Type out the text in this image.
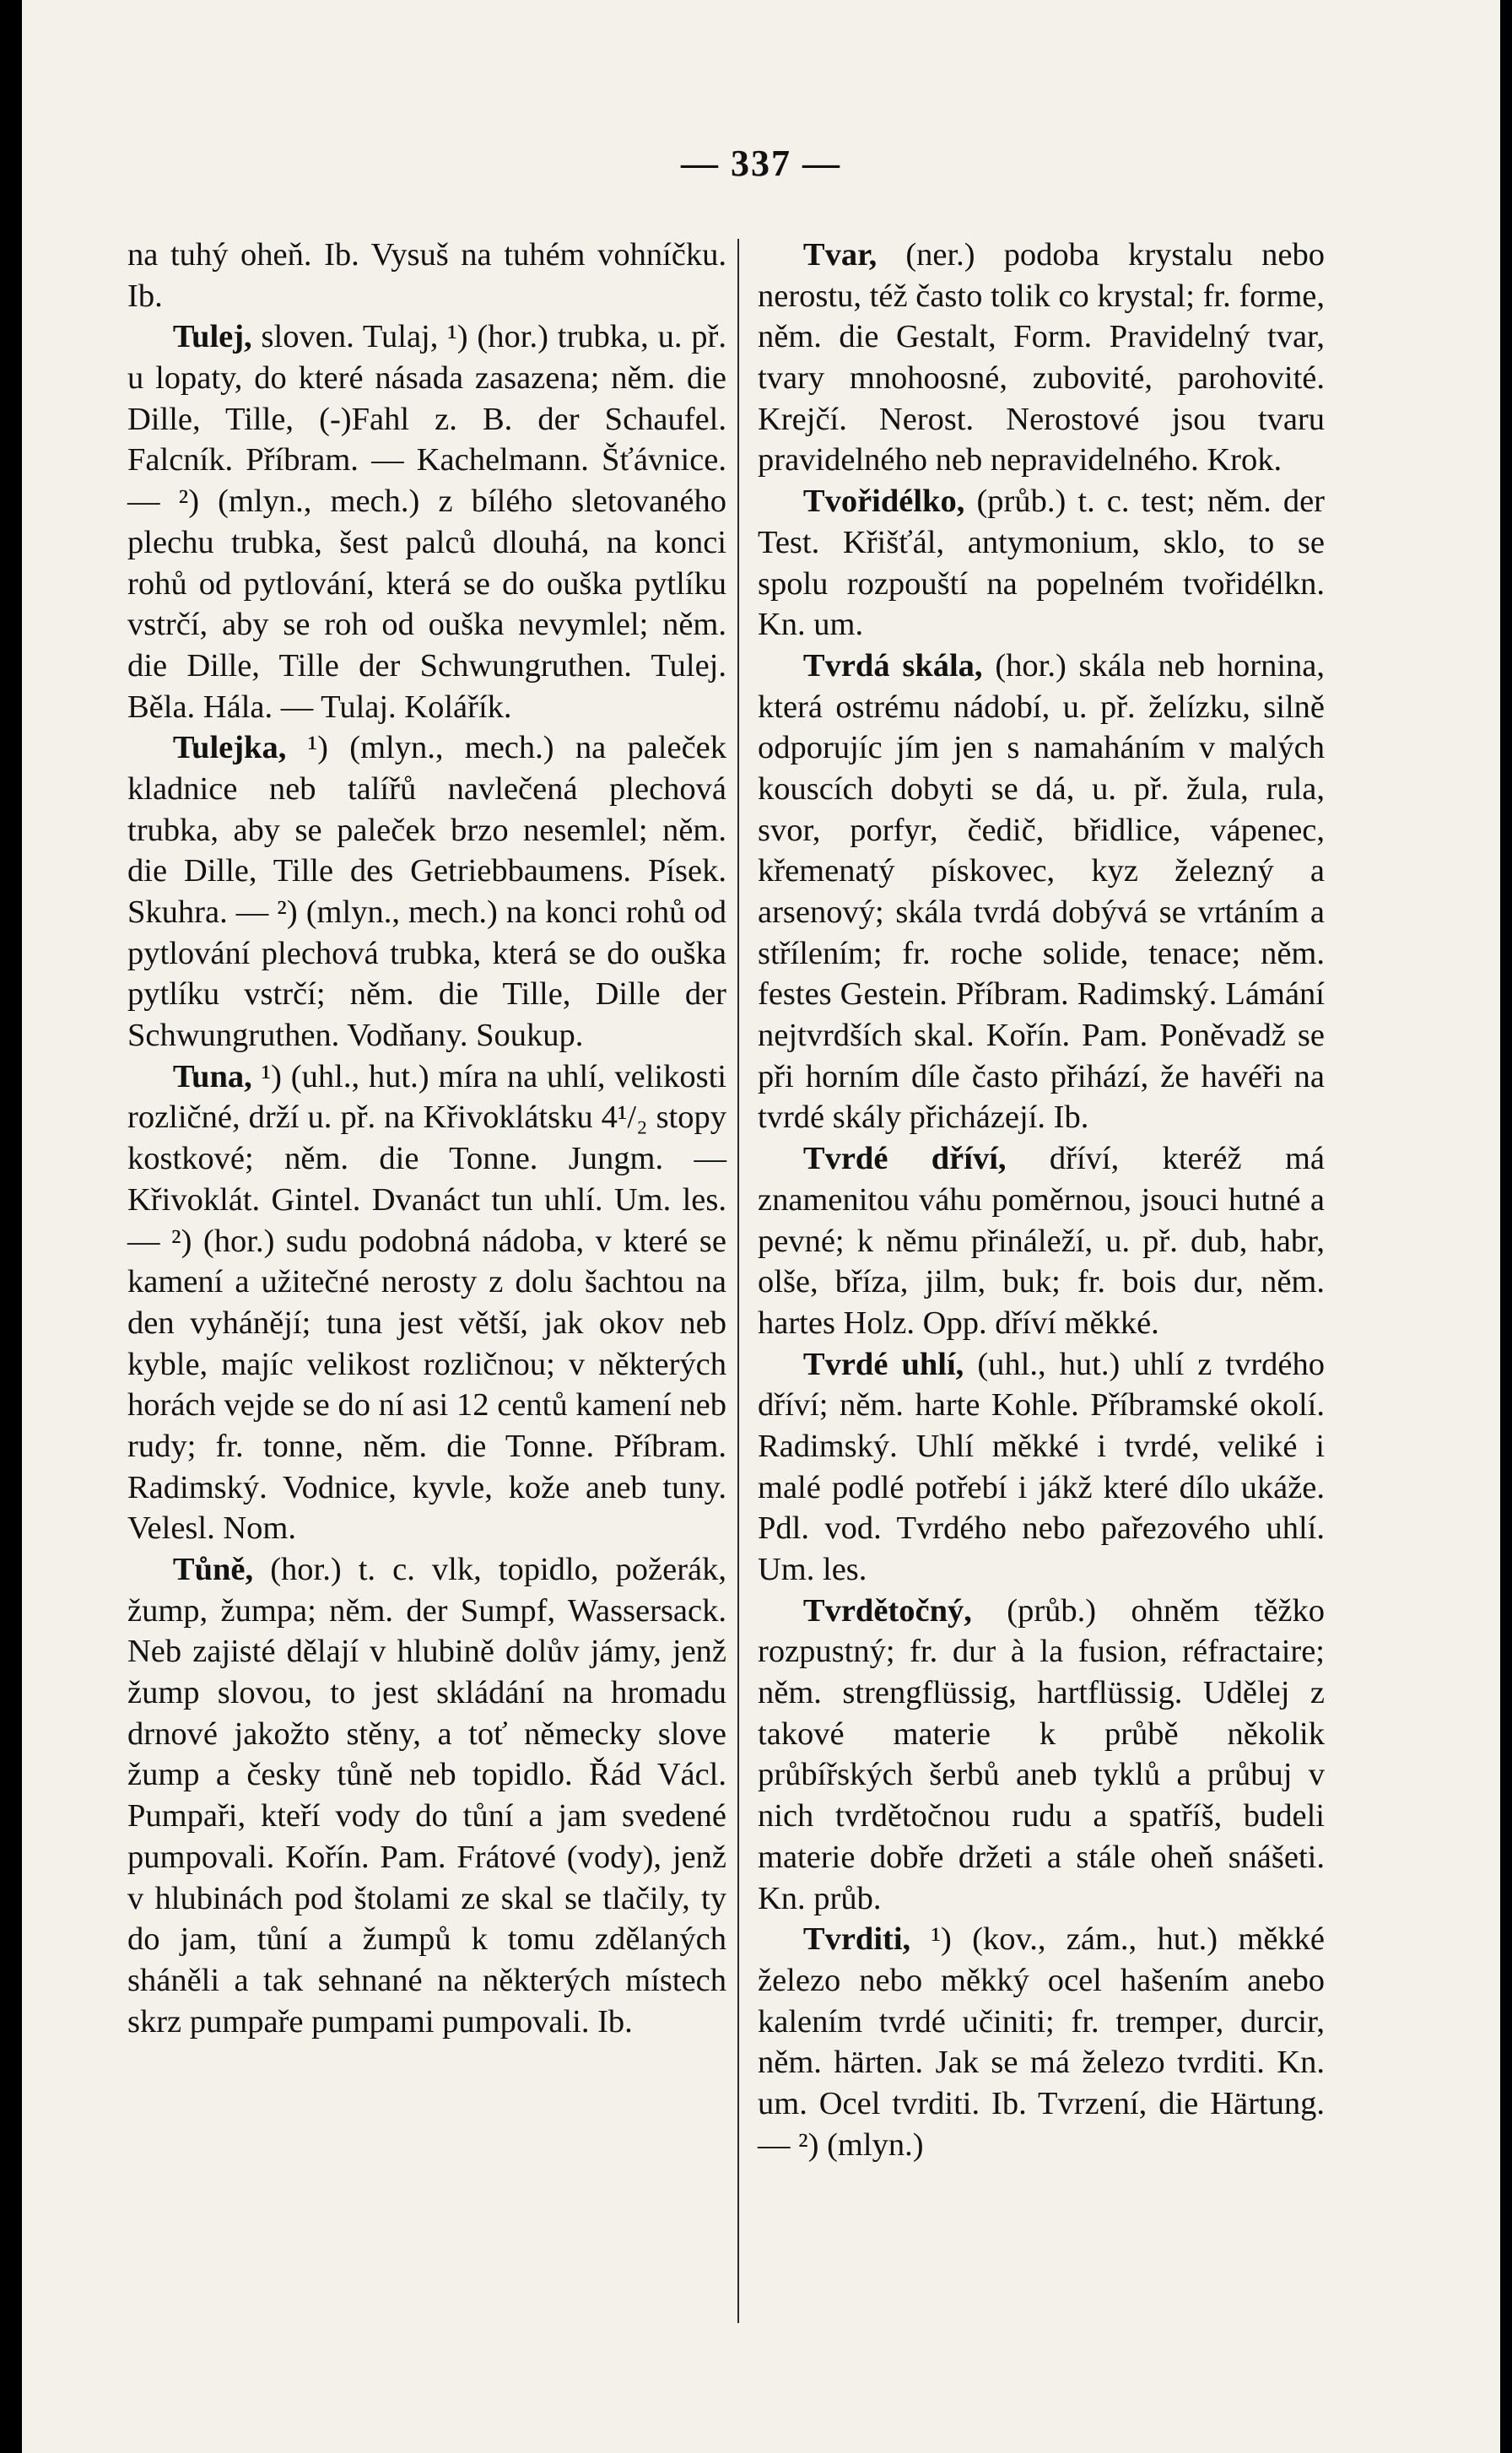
— 337 —

na tuhý oheň. Ib. Vysuš na tuhém vohníčku. Ib.

Tulej, sloven. Tulaj, ¹) (hor.) trubka, u. př. u lopaty, do které násada zasazena; něm. die Dille, Tille, (-)Fahl z. B. der Schaufel. Falcník. Příbram. — Kachelmann. Šťávnice. — ²) (mlyn., mech.) z bílého sletovaného plechu trubka, šest palců dlouhá, na konci rohů od pytlování, která se do ouška pytlíku vstrčí, aby se roh od ouška nevymlel; něm. die Dille, Tille der Schwungruthen. Tulej. Běla. Hála. — Tulaj. Kolářík.

Tulejka, ¹) (mlyn., mech.) na paleček kladnice neb talířů navlečená plechová trubka, aby se paleček brzo nesemlel; něm. die Dille, Tille des Getriebbaumens. Písek. Skuhra. — ²) (mlyn., mech.) na konci rohů od pytlování plechová trubka, která se do ouška pytlíku vstrčí; něm. die Tille, Dille der Schwungruthen. Vodňany. Soukup.

Tuna, ¹) (uhl., hut.) míra na uhlí, velikosti rozličné, drží u. př. na Křivoklátsku 4¹/₂ stopy kostkové; něm. die Tonne. Jungm. — Křivoklát. Gintel. Dvanáct tun uhlí. Um. les. — ²) (hor.) sudu podobná nádoba, v které se kamení a užitečné nerosty z dolu šachtou na den vyhánějí; tuna jest větší, jak okov neb kyble, majíc velikost rozličnou; v některých horách vejde se do ní asi 12 centů kamení neb rudy; fr. tonne, něm. die Tonne. Příbram. Radimský. Vodnice, kyvle, kože aneb tuny. Velesl. Nom.

Tůně, (hor.) t. c. vlk, topidlo, požerák, žump, žumpa; něm. der Sumpf, Wassersack. Neb zajisté dělají v hlubině dolův jámy, jenž žump slovou, to jest skládání na hromadu drnové jakožto stěny, a toť německy slove žump a česky tůně neb topidlo. Řád Václ. Pumpaři, kteří vody do tůní a jam svedené pumpovali. Kořín. Pam. Frátové (vody), jenž v hlubinách pod štolami ze skal se tlačily, ty do jam, tůní a žumpů k tomu zdělaných sháněli a tak sehnané na některých místech skrz pumpaře pumpami pumpovali. Ib.

Tvar, (ner.) podoba krystalu nebo nerostu, též často tolik co krystal; fr. forme, něm. die Gestalt, Form. Pravidelný tvar, tvary mnohoosné, zubovité, parohovité. Krejčí. Nerost. Nerostové jsou tvaru pravidelného neb nepravidelného. Krok.

Tvořidélko, (průb.) t. c. test; něm. der Test. Křišťál, antymonium, sklo, to se spolu rozpouští na popelném tvořidélkn. Kn. um.

Tvrdá skála, (hor.) skála neb hornina, která ostrému nádobí, u. př. želízku, silně odporujíc jím jen s namaháním v malých kouscích dobyti se dá, u. př. žula, rula, svor, porfyr, čedič, břidlice, vápenec, křemenatý pískovec, kyz železný a arsenový; skála tvrdá dobývá se vrtáním a střílením; fr. roche solide, tenace; něm. festes Gestein. Příbram. Radimský. Lámání nejtvrdších skal. Kořín. Pam. Poněvadž se při horním díle často přihází, že havéři na tvrdé skály přicházejí. Ib.

Tvrdé dříví, dříví, kteréž má znamenitou váhu poměrnou, jsouci hutné a pevné; k němu přináleží, u. př. dub, habr, olše, bříza, jilm, buk; fr. bois dur, něm. hartes Holz. Opp. dříví měkké.

Tvrdé uhlí, (uhl., hut.) uhlí z tvrdého dříví; něm. harte Kohle. Příbramské okolí. Radimský. Uhlí měkké i tvrdé, veliké i malé podlé potřebí i jákž které dílo ukáže. Pdl. vod. Tvrdého nebo pařezového uhlí. Um. les.

Tvrdětočný, (průb.) ohněm těžko rozpustný; fr. dur à la fusion, réfractaire; něm. strengflüssig, hartflüssig. Udělej z takové materie k průbě několik průbířských šerbů aneb tyklů a průbuj v nich tvrdětočnou rudu a spatříš, budeli materie dobře držeti a stále oheň snášeti. Kn. průb.

Tvrditi, ¹) (kov., zám., hut.) měkké železo nebo měkký ocel hašením anebo kalením tvrdé učiniti; fr. tremper, durcir, něm. härten. Jak se má železo tvrditi. Kn. um. Ocel tvrditi. Ib. Tvrzení, die Härtung. — ²) (mlyn.)
